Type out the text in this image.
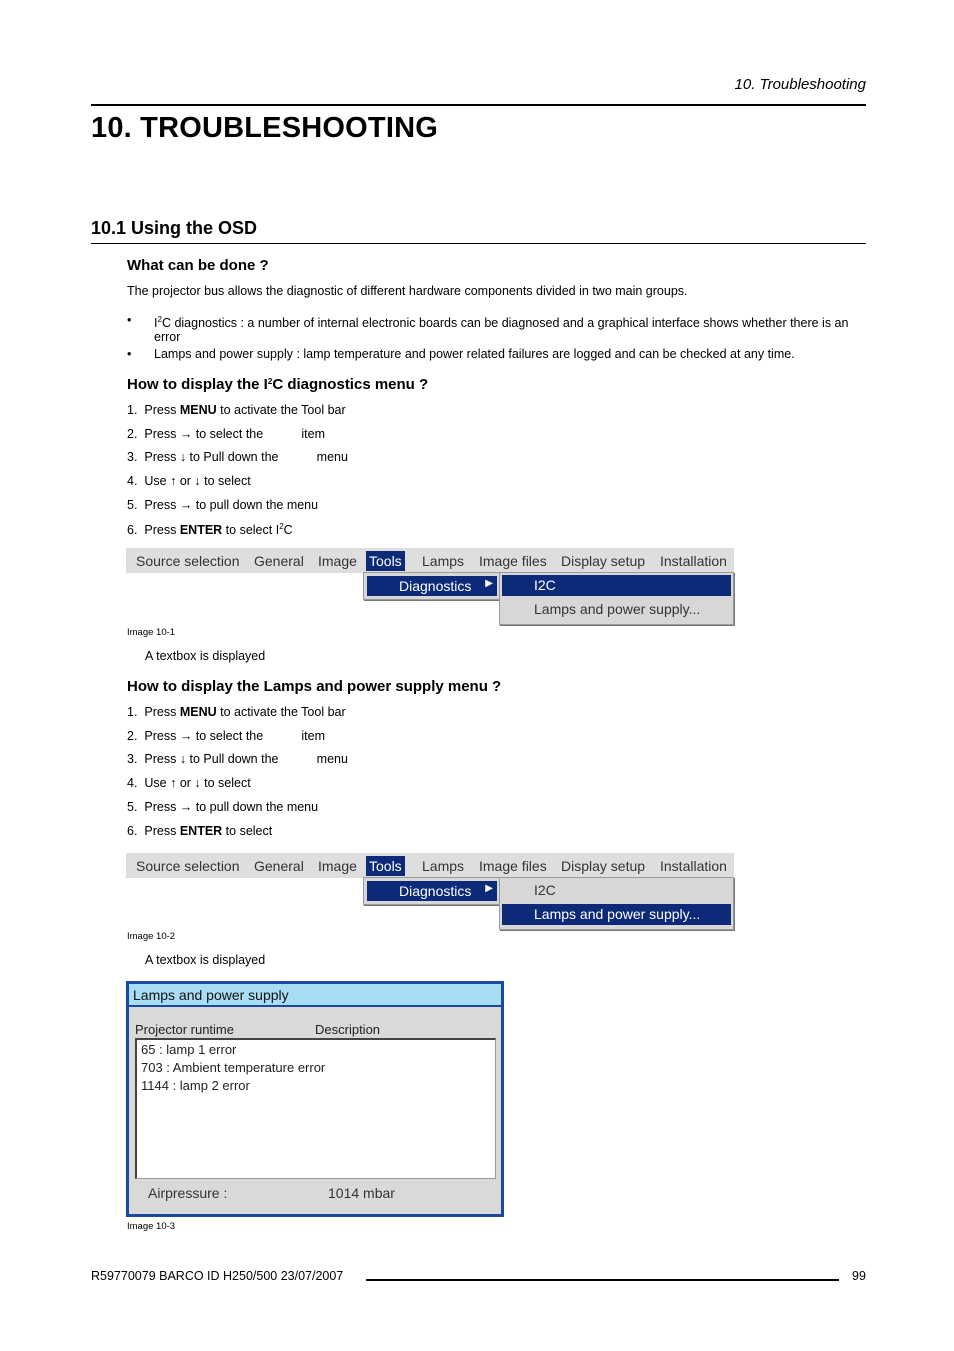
10. Troubleshooting
10. TROUBLESHOOTING
10.1 Using the OSD
What can be done ?
The projector bus allows the diagnostic of different hardware components divided in two main groups.
• $I^2C$ diagnostics : a number of internal electronic boards can be diagnosed and a graphical interface shows whether there is an error
• Lamps and power supply : lamp temperature and power related failures are logged and can be checked at any time.
How to display the $I^2C$ diagnostics menu ?
1. Press MENU to activate the Tool bar
2. Press → to select the           item
3. Press ↓ to Pull down the           menu
4. Use ↑ or ↓ to select
5. Press → to pull down the menu
6. Press ENTER to select $I^2C$
Source selection General Image Tools Lamps Image files Display setup Installation
Diagnostics ▶	I2C
Lamps and power supply...
Image 10-1
A textbox is displayed
How to display the Lamps and power supply menu ?
1. Press MENU to activate the Tool bar
2. Press → to select the           item
3. Press ↓ to Pull down the           menu
4. Use ↑ or ↓ to select
5. Press → to pull down the menu
6. Press ENTER to select
Source selection General Image Tools Lamps Image files Display setup Installation
Diagnostics ▶	I2C
Lamps and power supply...
Image 10-2
A textbox is displayed
Lamps and power supply
Projector runtime	Description
65 : lamp 1 error
703 : Ambient temperature error
1144 : lamp 2 error
Airpressure :	1014 mbar
Image 10-3
R59770079 BARCO ID H250/500 23/07/2007	99
